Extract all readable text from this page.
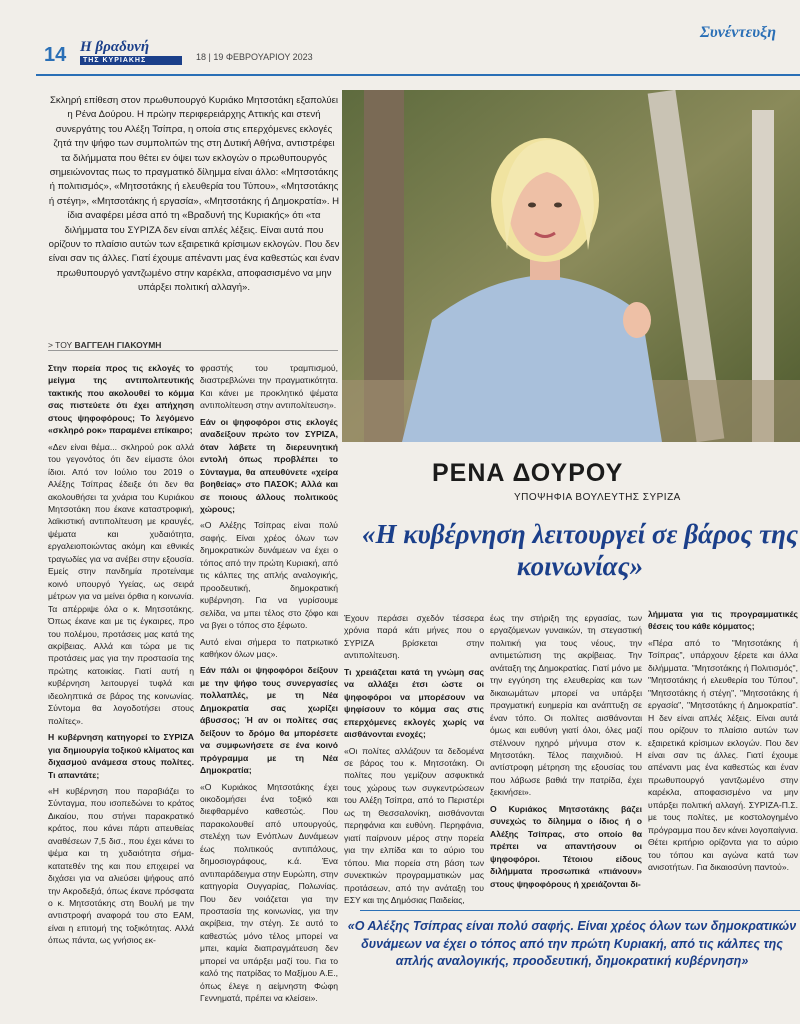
14 Η βραδυνή
ΤΗΣ ΚΥΡΙΑΚΗΣ	18 | 19 ΦΕΒΡΟΥΑΡΙΟΥ 2023
Συνέντευξη
Σκληρή επίθεση στον πρωθυπουργό Κυριάκο Μητσοτάκη εξαπολύει η Ρένα Δούρου. Η πρώην περιφερειάρχης Αττικής και στενή συνεργάτης του Αλέξη Τσίπρα, η οποία στις επερχόμενες εκλογές ζητά την ψήφο των συμπολιτών της στη Δυτική Αθήνα, αντιστρέφει τα διλήμματα που θέτει εν όψει των εκλογών ο πρωθυπουργός σημειώνοντας πως το πραγματικό δίλημμα είναι άλλο: «Μητσοτάκης ή πολιτισμός», «Μητσοτάκης ή ελευθερία του Τύπου», «Μητσοτάκης ή στέγη», «Μητσοτάκης ή εργασία», «Μητσοτάκης ή Δημοκρατία». Η ίδια αναφέρει μέσα από τη «Βραδυνή της Κυριακής» ότι «τα διλήμματα του ΣΥΡΙΖΑ δεν είναι απλές λέξεις. Είναι αυτά που ορίζουν το πλαίσιο αυτών των εξαιρετικά κρίσιμων εκλογών. Που δεν είναι σαν τις άλλες. Γιατί έχουμε απέναντι μας ένα καθεστώς και έναν πρωθυπουργό γαντζωμένο στην καρέκλα, αποφασισμένο να μην υπάρξει πολιτική αλλαγή».
> ΤΟΥ ΒΑΓΓΕΛΗ ΓΙΑΚΟΥΜΗ
ΡΕΝΑ ΔΟΥΡΟΥ
ΥΠΟΨΗΦΙΑ ΒΟΥΛΕΥΤΗΣ ΣΥΡΙΖΑ
«Η κυβέρνηση λειτουργεί σε βάρος της κοινωνίας»

Στην πορεία προς τις εκλογές το μείγμα της αντιπολιτευτικής τακτικής που ακολουθεί το κόμμα σας πιστεύετε ότι έχει απήχηση στους ψηφοφόρους; Το λεγόμενο «σκληρό ροκ» παραμένει επίκαιρο;

«Δεν είναι θέμα... σκληρού ροκ αλλά του γεγονότος ότι δεν είμαστε όλοι ίδιοι. Από τον Ιούλιο του 2019 ο Αλέξης Τσίπρας έδειξε ότι δεν θα ακολουθήσει τα χνάρια του Κυριάκου Μητσοτάκη που έκανε καταστροφική, λαϊκιστική αντιπολίτευση με κραυγές, ψέματα και χυδαιότητα, εργαλειοποιώντας ακόμη και εθνικές τραγωδίες για να ανέβει στην εξουσία. Εμείς στην πανδημία προτείναμε κοινό υπουργό Υγείας, ως σειρά μέτρων για να μείνει όρθια η κοινωνία. Τα απέρριψε όλα ο κ. Μητσοτάκης. Όπως έκανε και με τις έγκαιρες, προ του πολέμου, προτάσεις μας κατά της ακρίβειας. Αλλά και τώρα με τις προτάσεις μας για την προστασία της πρώτης κατοικίας. Γιατί αυτή η κυβέρνηση λειτουργεί τυφλά και ιδεοληπτικά σε βάρος της κοινωνίας. Σύντομα θα λογοδοτήσει στους πολίτες».

Η κυβέρνηση κατηγορεί το ΣΥΡΙΖΑ για δημιουργία τοξικού κλίματος και διχασμού ανάμεσα στους πολίτες. Τι απαντάτε;

«Η κυβέρνηση που παραβιάζει το Σύνταγμα, που ισοπεδώνει το κράτος Δικαίου, που στήνει παρακρατικό κράτος, που κάνει πάρτι απευθείας αναθέσεων 7,5 δισ., που έχει κάνει το ψέμα και τη χυδαιότητα σήμα-κατατεθέν της και που επιχειρεί να διχάσει για να αλιεύσει ψήφους από την Ακροδεξιά, όπως έκανε πρόσφατα ο κ. Μητσοτάκης στη Βουλή με την αντιστροφή αναφορά του στο ΕΑΜ, είναι η επιτομή της τοξικότητας. Αλλά όπως πάντα, ως γνήσιος εκ-

φραστής του τραμπισμού, διαστρεβλώνει την πραγματικότητα. Και κάνει με προκλητικό ψέματα αντιπολίτευση στην αντιπολίτευση».

Εάν οι ψηφοφόροι στις εκλογές αναδείξουν πρώτο τον ΣΥΡΙΖΑ, όταν λάβετε τη διερευνητική εντολή όπως προβλέπει το Σύνταγμα, θα απευθύνετε «χείρα βοηθείας» στο ΠΑΣΟΚ; Αλλά και σε ποιους άλλους πολιτικούς χώρους;

«Ο Αλέξης Τσίπρας είναι πολύ σαφής. Είναι χρέος όλων των δημοκρατικών δυνάμεων να έχει ο τόπος από την πρώτη Κυριακή, από τις κάλπες της απλής αναλογικής, προοδευτική, δημοκρατική κυβέρνηση. Για να γυρίσουμε σελίδα, να μπει τέλος στο ζόφο και να βγει ο τόπος στο ξέφωτο.

Αυτό είναι σήμερα το πατριωτικό καθήκον όλων μας».

Εάν πάλι οι ψηφοφόροι δείξουν με την ψήφο τους συνεργασίες πολλαπλές, με τη Νέα Δημοκρατία σας χωρίζει άβυσσος; Ή αν οι πολίτες σας δείξουν το δρόμο θα μπορέσετε να συμφωνήσετε σε ένα κοινό πρόγραμμα με τη Νέα Δημοκρατία;

«Ο Κυριάκος Μητσοτάκης έχει οικοδομήσει ένα τοξικό και διεφθαρμένο καθεστώς. Που παρακολουθεί από υπουργούς, στελέχη των Ενόπλων Δυνάμεων έως πολιτικούς αντιπάλους, δημοσιογράφους, κ.ά. Ένα αντιπαράδειγμα στην Ευρώπη, στην κατηγορία Ουγγαρίας, Πολωνίας. Που δεν νοιάζεται για την προστασία της κοινωνίας, για την ακρίβεια, την στέγη. Σε αυτό το καθεστώς μόνο τέλος μπορεί να μπει, καμία διαπραγμάτευση δεν μπορεί να υπάρξει μαζί του. Για το καλό της πατρίδας το Μαξίμου Α.Ε., όπως έλεγε η αείμνηστη Φώφη Γεννηματά, πρέπει να κλείσει».

Έχουν περάσει σχεδόν τέσσερα χρόνια παρά κάτι μήνες που ο ΣΥΡΙΖΑ βρίσκεται στην αντιπολίτευση.

Τι χρειάζεται κατά τη γνώμη σας να αλλάξει έτσι ώστε οι ψηφοφόροι να μπορέσουν να ψηφίσουν το κόμμα σας στις επερχόμενες εκλογές χωρίς να αισθάνονται ενοχές;

«Οι πολίτες αλλάζουν τα δεδομένα σε βάρος του κ. Μητσοτάκη. Οι πολίτες που γεμίζουν ασφυκτικά τους χώρους των συγκεντρώσεων του Αλέξη Τσίπρα, από το Περιστέρι ως τη Θεσσαλονίκη, αισθάνονται περηφάνια και ευθύνη. Περηφάνια, γιατί παίρνουν μέρος στην πορεία για την ελπίδα και το αύριο του τόπου. Μια πορεία στη βάση των συνεκτικών προγραμματικών μας προτάσεων, από την ανάταξη του ΕΣΥ και της Δημόσιας Παιδείας,

έως την στήριξη της εργασίας, των εργαζόμενων γυναικών, τη στεγαστική πολιτική για τους νέους, την αντιμετώπιση της ακρίβειας. Την ανάταξη της Δημοκρατίας. Γιατί μόνο με την εγγύηση της ελευθερίας και των δικαιωμάτων μπορεί να υπάρξει πραγματική ευημερία και ανάπτυξη σε έναν τόπο. Οι πολίτες αισθάνονται όμως και ευθύνη γιατί όλοι, όλες μαζί στέλνουν ηχηρό μήνυμα στον κ. Μητσοτάκη. Τέλος παιχνιδιού. Η αντίστροφη μέτρηση της εξουσίας του που λάβωσε βαθιά την πατρίδα, έχει ξεκινήσει».

Ο Κυριάκος Μητσοτάκης βάζει συνεχώς το δίλημμα ο ίδιος ή ο Αλέξης Τσίπρας, στο οποίο θα πρέπει να απαντήσουν οι ψηφοφόροι. Τέτοιου είδους διλήμματα προσωπικά «πιάνουν» στους ψηφοφόρους ή χρειάζονται δι-

λήμματα για τις προγραμματικές θέσεις του κάθε κόμματος;

«Πέρα από το "Μητσοτάκης ή Τσίπρας", υπάρχουν ξέρετε και άλλα διλήμματα. "Μητσοτάκης ή Πολιτισμός", "Μητσοτάκης ή ελευθερία του Τύπου", "Μητσοτάκης ή στέγη", "Μητσοτάκης ή εργασία", "Μητσοτάκης ή Δημοκρατία". Η δεν είναι απλές λέξεις. Είναι αυτά που ορίζουν το πλαίσιο αυτών των εξαιρετικά κρίσιμων εκλογών. Που δεν είναι σαν τις άλλες. Γιατί έχουμε απέναντι μας ένα καθεστώς και έναν πρωθυπουργό γαντζωμένο στην καρέκλα, αποφασισμένο να μην υπάρξει πολιτική αλλαγή. ΣΥΡΙΖΑ-Π.Σ. με τους πολίτες, με κοστολογημένο πρόγραμμα που δεν κάνει λογοπαίγνια. Θέτει κριτήριο ορίζοντα για το αύριο του τόπου και αγώνα κατά των ανισοτήτων. Για δικαιοσύνη παντού».

«Ο Αλέξης Τσίπρας είναι πολύ σαφής. Είναι χρέος όλων των δημοκρατικών δυνάμεων να έχει ο τόπος από την πρώτη Κυριακή, από τις κάλπες της απλής αναλογικής, προοδευτική, δημοκρατική κυβέρνηση»
